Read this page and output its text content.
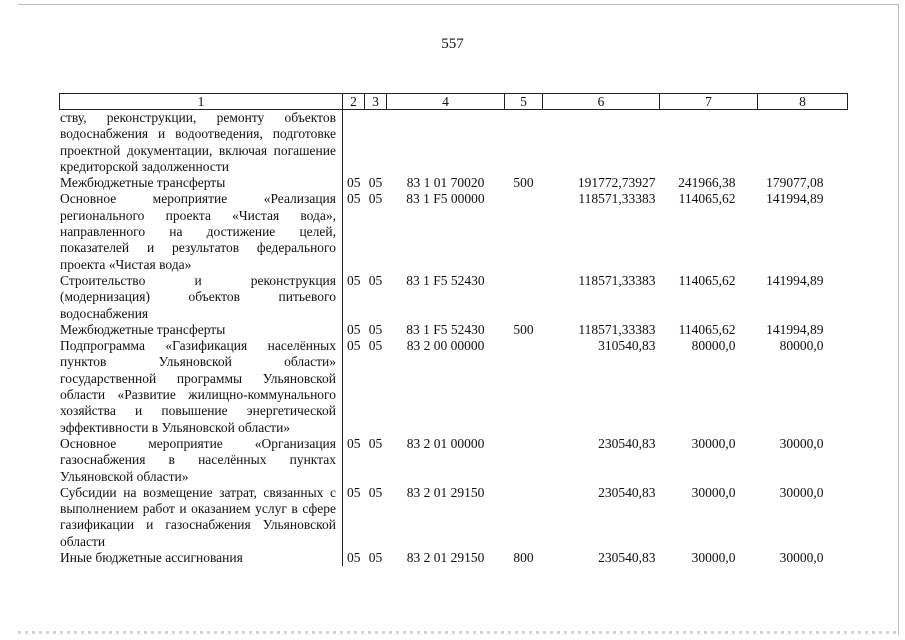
557
1	2	3	4	5	6	7	8
ству, реконструкции, ремонту объектов водоснабжения и водоотведения, подготовке проектной документации, включая погашение кредиторской задолженности							
Межбюджетные трансферты	05	05	83 1 01 70020	500	191772,73927	241966,38	179077,08
Основное мероприятие «Реализация регионального проекта «Чистая вода», направленного на достижение целей, показателей и результатов федерального проекта «Чистая вода»	05	05	83 1 F5 00000		118571,33383	114065,62	141994,89
Строительство и реконструкция (модернизация) объектов питьевого водоснабжения	05	05	83 1 F5 52430		118571,33383	114065,62	141994,89
Межбюджетные трансферты	05	05	83 1 F5 52430	500	118571,33383	114065,62	141994,89
Подпрограмма «Газификация населённых пунктов Ульяновской области» государственной программы Ульяновской области «Развитие жилищно-коммунального хозяйства и повышение энергетической эффективности в Ульяновской области»	05	05	83 2 00 00000		310540,83	80000,0	80000,0
Основное мероприятие «Организация газоснабжения в населённых пунктах Ульяновской области»	05	05	83 2 01 00000		230540,83	30000,0	30000,0
Субсидии на возмещение затрат, связанных с выполнением работ и оказанием услуг в сфере газификации и газоснабжения Ульяновской области	05	05	83 2 01 29150		230540,83	30000,0	30000,0
Иные бюджетные ассигнования	05	05	83 2 01 29150	800	230540,83	30000,0	30000,0
